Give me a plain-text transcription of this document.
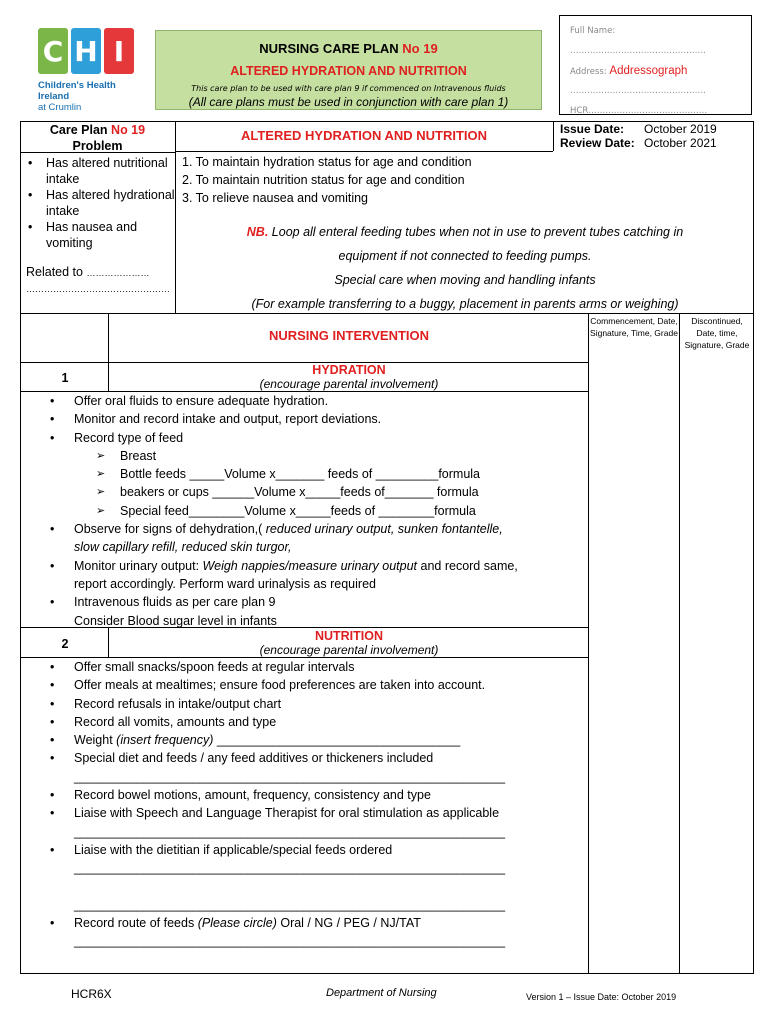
C H I
Children's Health Ireland
at Crumlin
NURSING CARE PLAN No 19
ALTERED HYDRATION AND NUTRITION
This care plan to be used with care plan 9 if commenced on Intravenous fluids
(All care plans must be used in conjunction with care plan 1)
Full Name:
…………………………………………
Address: Addressograph
…………………………………………
HCR……………………………………
Care Plan No 19
Problem
• Has altered nutritional intake
• Has altered hydrational intake
• Has nausea and vomiting
Related to …………………
…………………………………………
ALTERED HYDRATION AND NUTRITION	Issue Date: October 2019
Review Date: October 2021
1. To maintain hydration status for age and condition
2. To maintain nutrition status for age and condition
3. To relieve nausea and vomiting
NB. Loop all enteral feeding tubes when not in use to prevent tubes catching in
equipment if not connected to feeding pumps.
Special care when moving and handling infants
(For example transferring to a buggy, placement in parents arms or weighing)
NURSING INTERVENTION
Commencement, Date, Signature, Time, Grade
Discontinued, Date, time, Signature, Grade
1
HYDRATION
(encourage parental involvement)
• Offer oral fluids to ensure adequate hydration.
• Monitor and record intake and output, report deviations.
• Record type of feed
➢ Breast
➢ Bottle feeds _____Volume x_______ feeds of _________formula
➢ beakers or cups ______Volume x_____feeds of_______ formula
➢ Special feed________Volume x_____feeds of ________formula
• Observe for signs of dehydration,( reduced urinary output, sunken fontantelle,
slow capillary refill, reduced skin turgor,
• Monitor urinary output: Weigh nappies/measure urinary output and record same,
report accordingly. Perform ward urinalysis as required
• Intravenous fluids as per care plan 9
Consider Blood sugar level in infants
2
NUTRITION
(encourage parental involvement)
• Offer small snacks/spoon feeds at regular intervals
• Offer meals at mealtimes; ensure food preferences are taken into account.
• Record refusals in intake/output chart
• Record all vomits, amounts and type
• Weight (insert frequency) ___________________________________
• Special diet and feeds / any feed additives or thickeners included
______________________________________________________________
• Record bowel motions, amount, frequency, consistency and type
• Liaise with Speech and Language Therapist for oral stimulation as applicable
______________________________________________________________
• Liaise with the dietitian if applicable/special feeds ordered
______________________________________________________________

______________________________________________________________
• Record route of feeds (Please circle) Oral / NG / PEG / NJ/TAT
______________________________________________________________
HCR6X	Department of Nursing	Version 1 – Issue Date: October 2019
